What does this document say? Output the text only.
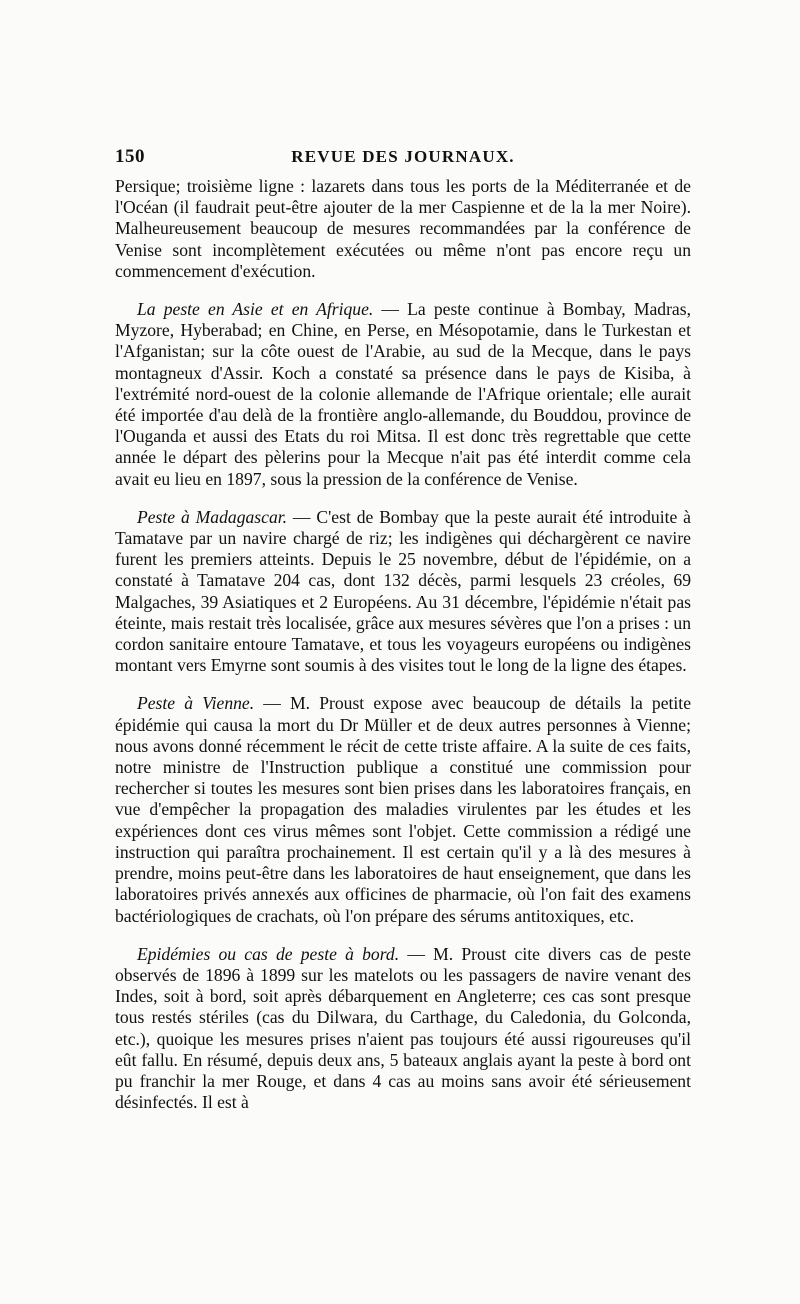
150	REVUE DES JOURNAUX.

Persique; troisième ligne : lazarets dans tous les ports de la Méditerranée et de l'Océan (il faudrait peut-être ajouter de la mer Caspienne et de la la mer Noire). Malheureusement beaucoup de mesures recommandées par la conférence de Venise sont incomplètement exécutées ou même n'ont pas encore reçu un commencement d'exécution.

La peste en Asie et en Afrique. — La peste continue à Bombay, Madras, Myzore, Hyberabad; en Chine, en Perse, en Mésopotamie, dans le Turkestan et l'Afganistan; sur la côte ouest de l'Arabie, au sud de la Mecque, dans le pays montagneux d'Assir. Koch a constaté sa présence dans le pays de Kisiba, à l'extrémité nord-ouest de la colonie allemande de l'Afrique orientale; elle aurait été importée d'au delà de la frontière anglo-allemande, du Bouddou, province de l'Ouganda et aussi des Etats du roi Mitsa. Il est donc très regrettable que cette année le départ des pèlerins pour la Mecque n'ait pas été interdit comme cela avait eu lieu en 1897, sous la pression de la conférence de Venise.

Peste à Madagascar. — C'est de Bombay que la peste aurait été introduite à Tamatave par un navire chargé de riz; les indigènes qui déchargèrent ce navire furent les premiers atteints. Depuis le 25 novembre, début de l'épidémie, on a constaté à Tamatave 204 cas, dont 132 décès, parmi lesquels 23 créoles, 69 Malgaches, 39 Asiatiques et 2 Européens. Au 31 décembre, l'épidémie n'était pas éteinte, mais restait très localisée, grâce aux mesures sévères que l'on a prises : un cordon sanitaire entoure Tamatave, et tous les voyageurs européens ou indigènes montant vers Emyrne sont soumis à des visites tout le long de la ligne des étapes.

Peste à Vienne. — M. Proust expose avec beaucoup de détails la petite épidémie qui causa la mort du Dr Müller et de deux autres personnes à Vienne; nous avons donné récemment le récit de cette triste affaire. A la suite de ces faits, notre ministre de l'Instruction publique a constitué une commission pour rechercher si toutes les mesures sont bien prises dans les laboratoires français, en vue d'empêcher la propagation des maladies virulentes par les études et les expériences dont ces virus mêmes sont l'objet. Cette commission a rédigé une instruction qui paraîtra prochainement. Il est certain qu'il y a là des mesures à prendre, moins peut-être dans les laboratoires de haut enseignement, que dans les laboratoires privés annexés aux officines de pharmacie, où l'on fait des examens bactériologiques de crachats, où l'on prépare des sérums antitoxiques, etc.

Epidémies ou cas de peste à bord. — M. Proust cite divers cas de peste observés de 1896 à 1899 sur les matelots ou les passagers de navire venant des Indes, soit à bord, soit après débarquement en Angleterre; ces cas sont presque tous restés stériles (cas du Dilwara, du Carthage, du Caledonia, du Golconda, etc.), quoique les mesures prises n'aient pas toujours été aussi rigoureuses qu'il eût fallu. En résumé, depuis deux ans, 5 bateaux anglais ayant la peste à bord ont pu franchir la mer Rouge, et dans 4 cas au moins sans avoir été sérieusement désinfectés. Il est à
